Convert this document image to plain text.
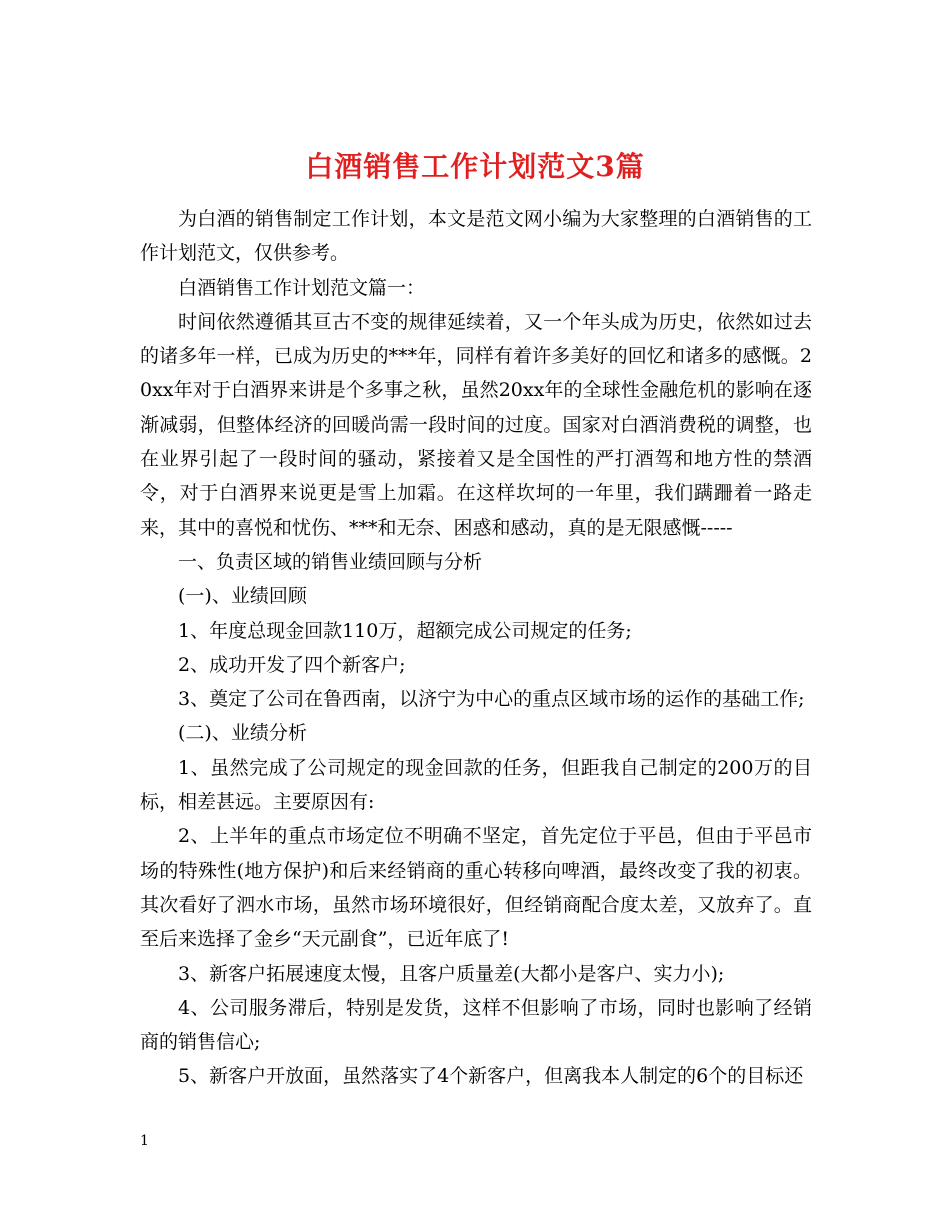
白酒销售工作计划范文3篇

为白酒的销售制定工作计划，本文是范文网小编为大家整理的白酒销售的工作计划范文，仅供参考。

白酒销售工作计划范文篇一：

时间依然遵循其亘古不变的规律延续着，又一个年头成为历史，依然如过去的诸多年一样，已成为历史的***年，同样有着许多美好的回忆和诸多的感慨。20xx年对于白酒界来讲是个多事之秋，虽然20xx年的全球性金融危机的影响在逐渐减弱，但整体经济的回暖尚需一段时间的过度。国家对白酒消费税的调整，也在业界引起了一段时间的骚动，紧接着又是全国性的严打酒驾和地方性的禁酒令，对于白酒界来说更是雪上加霜。在这样坎坷的一年里，我们蹒跚着一路走来，其中的喜悦和忧伤、***和无奈、困惑和感动，真的是无限感慨-----

一、负责区域的销售业绩回顾与分析

(一)、业绩回顾

1、年度总现金回款110万，超额完成公司规定的任务;

2、成功开发了四个新客户;

3、奠定了公司在鲁西南，以济宁为中心的重点区域市场的运作的基础工作;

(二)、业绩分析

1、虽然完成了公司规定的现金回款的任务，但距我自己制定的200万的目标，相差甚远。主要原因有:

2、上半年的重点市场定位不明确不坚定，首先定位于平邑，但由于平邑市场的特殊性(地方保护)和后来经销商的重心转移向啤酒，最终改变了我的初衷。其次看好了泗水市场，虽然市场环境很好，但经销商配合度太差，又放弃了。直至后来选择了金乡“天元副食”，已近年底了!

3、新客户拓展速度太慢，且客户质量差(大都小是客户、实力小);

4、公司服务滞后，特别是发货，这样不但影响了市场，同时也影响了经销商的销售信心;

5、新客户开放面，虽然落实了4个新客户，但离我本人制定的6个的目标还

1
